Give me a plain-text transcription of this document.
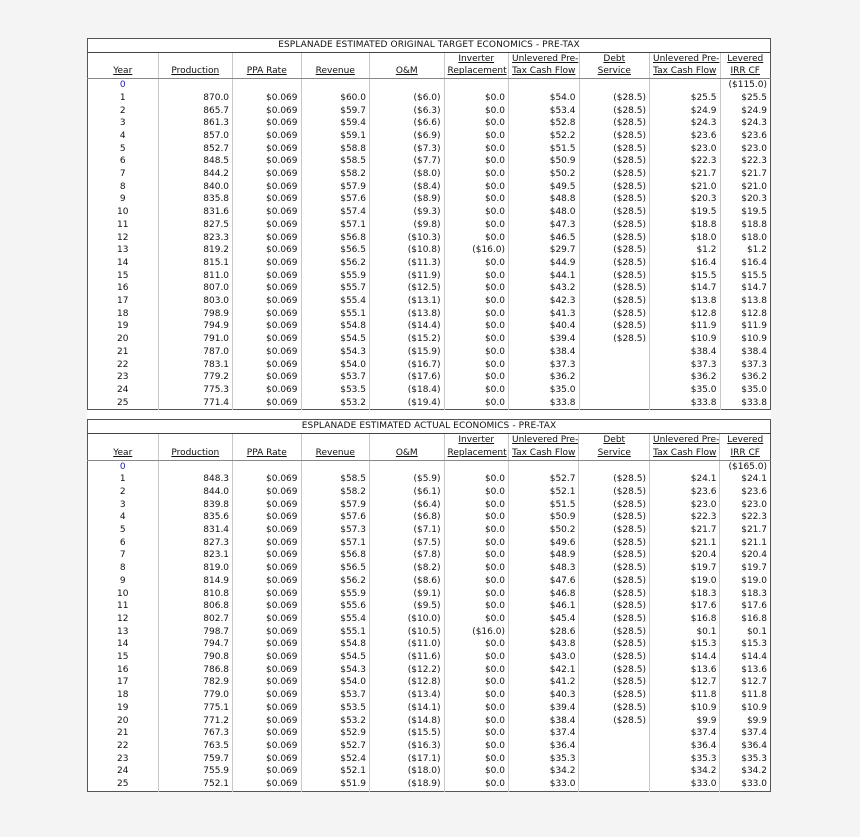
ESPLANADE ESTIMATED ORIGINAL TARGET ECONOMICS - PRE-TAX									
					Inverter	Unlevered Pre-	Debt	Unlevered Pre-	Levered
Year	Production	PPA Rate	Revenue	O&M	Replacement	Tax Cash Flow	Service	Tax Cash Flow	IRR CF
0									($115.0)
1	870.0	$0.069	$60.0	($6.0)	$0.0	$54.0	($28.5)	$25.5	$25.5
2	865.7	$0.069	$59.7	($6.3)	$0.0	$53.4	($28.5)	$24.9	$24.9
3	861.3	$0.069	$59.4	($6.6)	$0.0	$52.8	($28.5)	$24.3	$24.3
4	857.0	$0.069	$59.1	($6.9)	$0.0	$52.2	($28.5)	$23.6	$23.6
5	852.7	$0.069	$58.8	($7.3)	$0.0	$51.5	($28.5)	$23.0	$23.0
6	848.5	$0.069	$58.5	($7.7)	$0.0	$50.9	($28.5)	$22.3	$22.3
7	844.2	$0.069	$58.2	($8.0)	$0.0	$50.2	($28.5)	$21.7	$21.7
8	840.0	$0.069	$57.9	($8.4)	$0.0	$49.5	($28.5)	$21.0	$21.0
9	835.8	$0.069	$57.6	($8.9)	$0.0	$48.8	($28.5)	$20.3	$20.3
10	831.6	$0.069	$57.4	($9.3)	$0.0	$48.0	($28.5)	$19.5	$19.5
11	827.5	$0.069	$57.1	($9.8)	$0.0	$47.3	($28.5)	$18.8	$18.8
12	823.3	$0.069	$56.8	($10.3)	$0.0	$46.5	($28.5)	$18.0	$18.0
13	819.2	$0.069	$56.5	($10.8)	($16.0)	$29.7	($28.5)	$1.2	$1.2
14	815.1	$0.069	$56.2	($11.3)	$0.0	$44.9	($28.5)	$16.4	$16.4
15	811.0	$0.069	$55.9	($11.9)	$0.0	$44.1	($28.5)	$15.5	$15.5
16	807.0	$0.069	$55.7	($12.5)	$0.0	$43.2	($28.5)	$14.7	$14.7
17	803.0	$0.069	$55.4	($13.1)	$0.0	$42.3	($28.5)	$13.8	$13.8
18	798.9	$0.069	$55.1	($13.8)	$0.0	$41.3	($28.5)	$12.8	$12.8
19	794.9	$0.069	$54.8	($14.4)	$0.0	$40.4	($28.5)	$11.9	$11.9
20	791.0	$0.069	$54.5	($15.2)	$0.0	$39.4	($28.5)	$10.9	$10.9
21	787.0	$0.069	$54.3	($15.9)	$0.0	$38.4		$38.4	$38.4
22	783.1	$0.069	$54.0	($16.7)	$0.0	$37.3		$37.3	$37.3
23	779.2	$0.069	$53.7	($17.6)	$0.0	$36.2		$36.2	$36.2
24	775.3	$0.069	$53.5	($18.4)	$0.0	$35.0		$35.0	$35.0
25	771.4	$0.069	$53.2	($19.4)	$0.0	$33.8		$33.8	$33.8
ESPLANADE ESTIMATED ACTUAL ECONOMICS - PRE-TAX									
					Inverter	Unlevered Pre-	Debt	Unlevered Pre-	Levered
Year	Production	PPA Rate	Revenue	O&M	Replacement	Tax Cash Flow	Service	Tax Cash Flow	IRR CF
0									($165.0)
1	848.3	$0.069	$58.5	($5.9)	$0.0	$52.7	($28.5)	$24.1	$24.1
2	844.0	$0.069	$58.2	($6.1)	$0.0	$52.1	($28.5)	$23.6	$23.6
3	839.8	$0.069	$57.9	($6.4)	$0.0	$51.5	($28.5)	$23.0	$23.0
4	835.6	$0.069	$57.6	($6.8)	$0.0	$50.9	($28.5)	$22.3	$22.3
5	831.4	$0.069	$57.3	($7.1)	$0.0	$50.2	($28.5)	$21.7	$21.7
6	827.3	$0.069	$57.1	($7.5)	$0.0	$49.6	($28.5)	$21.1	$21.1
7	823.1	$0.069	$56.8	($7.8)	$0.0	$48.9	($28.5)	$20.4	$20.4
8	819.0	$0.069	$56.5	($8.2)	$0.0	$48.3	($28.5)	$19.7	$19.7
9	814.9	$0.069	$56.2	($8.6)	$0.0	$47.6	($28.5)	$19.0	$19.0
10	810.8	$0.069	$55.9	($9.1)	$0.0	$46.8	($28.5)	$18.3	$18.3
11	806.8	$0.069	$55.6	($9.5)	$0.0	$46.1	($28.5)	$17.6	$17.6
12	802.7	$0.069	$55.4	($10.0)	$0.0	$45.4	($28.5)	$16.8	$16.8
13	798.7	$0.069	$55.1	($10.5)	($16.0)	$28.6	($28.5)	$0.1	$0.1
14	794.7	$0.069	$54.8	($11.0)	$0.0	$43.8	($28.5)	$15.3	$15.3
15	790.8	$0.069	$54.5	($11.6)	$0.0	$43.0	($28.5)	$14.4	$14.4
16	786.8	$0.069	$54.3	($12.2)	$0.0	$42.1	($28.5)	$13.6	$13.6
17	782.9	$0.069	$54.0	($12.8)	$0.0	$41.2	($28.5)	$12.7	$12.7
18	779.0	$0.069	$53.7	($13.4)	$0.0	$40.3	($28.5)	$11.8	$11.8
19	775.1	$0.069	$53.5	($14.1)	$0.0	$39.4	($28.5)	$10.9	$10.9
20	771.2	$0.069	$53.2	($14.8)	$0.0	$38.4	($28.5)	$9.9	$9.9
21	767.3	$0.069	$52.9	($15.5)	$0.0	$37.4		$37.4	$37.4
22	763.5	$0.069	$52.7	($16.3)	$0.0	$36.4		$36.4	$36.4
23	759.7	$0.069	$52.4	($17.1)	$0.0	$35.3		$35.3	$35.3
24	755.9	$0.069	$52.1	($18.0)	$0.0	$34.2		$34.2	$34.2
25	752.1	$0.069	$51.9	($18.9)	$0.0	$33.0		$33.0	$33.0
